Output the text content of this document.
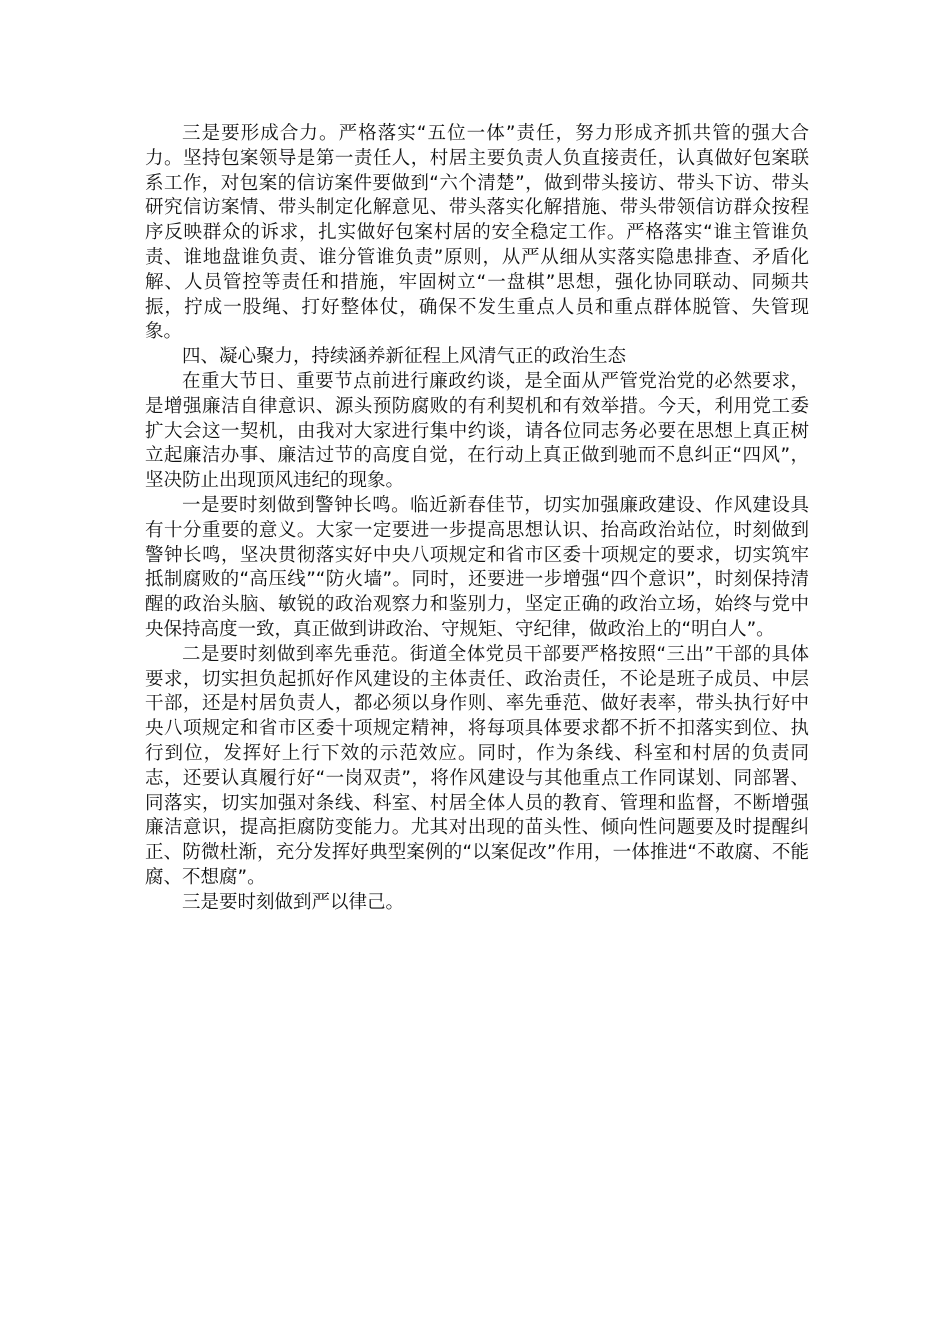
三是要形成合力。严格落实“五位一体”责任，努力形成齐抓共管的强大合力。坚持包案领导是第一责任人，村居主要负责人负直接责任，认真做好包案联系工作，对包案的信访案件要做到“六个清楚”，做到带头接访、带头下访、带头研究信访案情、带头制定化解意见、带头落实化解措施、带头带领信访群众按程序反映群众的诉求，扎实做好包案村居的安全稳定工作。严格落实“谁主管谁负责、谁地盘谁负责、谁分管谁负责”原则，从严从细从实落实隐患排查、矛盾化解、人员管控等责任和措施，牢固树立“一盘棋”思想，强化协同联动、同频共振，拧成一股绳、打好整体仗，确保不发生重点人员和重点群体脱管、失管现象。

四、凝心聚力，持续涵养新征程上风清气正的政治生态

在重大节日、重要节点前进行廉政约谈，是全面从严管党治党的必然要求，是增强廉洁自律意识、源头预防腐败的有利契机和有效举措。今天，利用党工委扩大会这一契机，由我对大家进行集中约谈，请各位同志务必要在思想上真正树立起廉洁办事、廉洁过节的高度自觉，在行动上真正做到驰而不息纠正“四风”，坚决防止出现顶风违纪的现象。

一是要时刻做到警钟长鸣。临近新春佳节，切实加强廉政建设、作风建设具有十分重要的意义。大家一定要进一步提高思想认识、抬高政治站位，时刻做到警钟长鸣，坚决贯彻落实好中央八项规定和省市区委十项规定的要求，切实筑牢抵制腐败的“高压线”“防火墙”。同时，还要进一步增强“四个意识”，时刻保持清醒的政治头脑、敏锐的政治观察力和鉴别力，坚定正确的政治立场，始终与党中央保持高度一致，真正做到讲政治、守规矩、守纪律，做政治上的“明白人”。

二是要时刻做到率先垂范。街道全体党员干部要严格按照“三出”干部的具体要求，切实担负起抓好作风建设的主体责任、政治责任，不论是班子成员、中层干部，还是村居负责人，都必须以身作则、率先垂范、做好表率，带头执行好中央八项规定和省市区委十项规定精神，将每项具体要求都不折不扣落实到位、执行到位，发挥好上行下效的示范效应。同时，作为条线、科室和村居的负责同志，还要认真履行好“一岗双责”，将作风建设与其他重点工作同谋划、同部署、同落实，切实加强对条线、科室、村居全体人员的教育、管理和监督，不断增强廉洁意识，提高拒腐防变能力。尤其对出现的苗头性、倾向性问题要及时提醒纠正、防微杜渐，充分发挥好典型案例的“以案促改”作用，一体推进“不敢腐、不能腐、不想腐”。

三是要时刻做到严以律己。
